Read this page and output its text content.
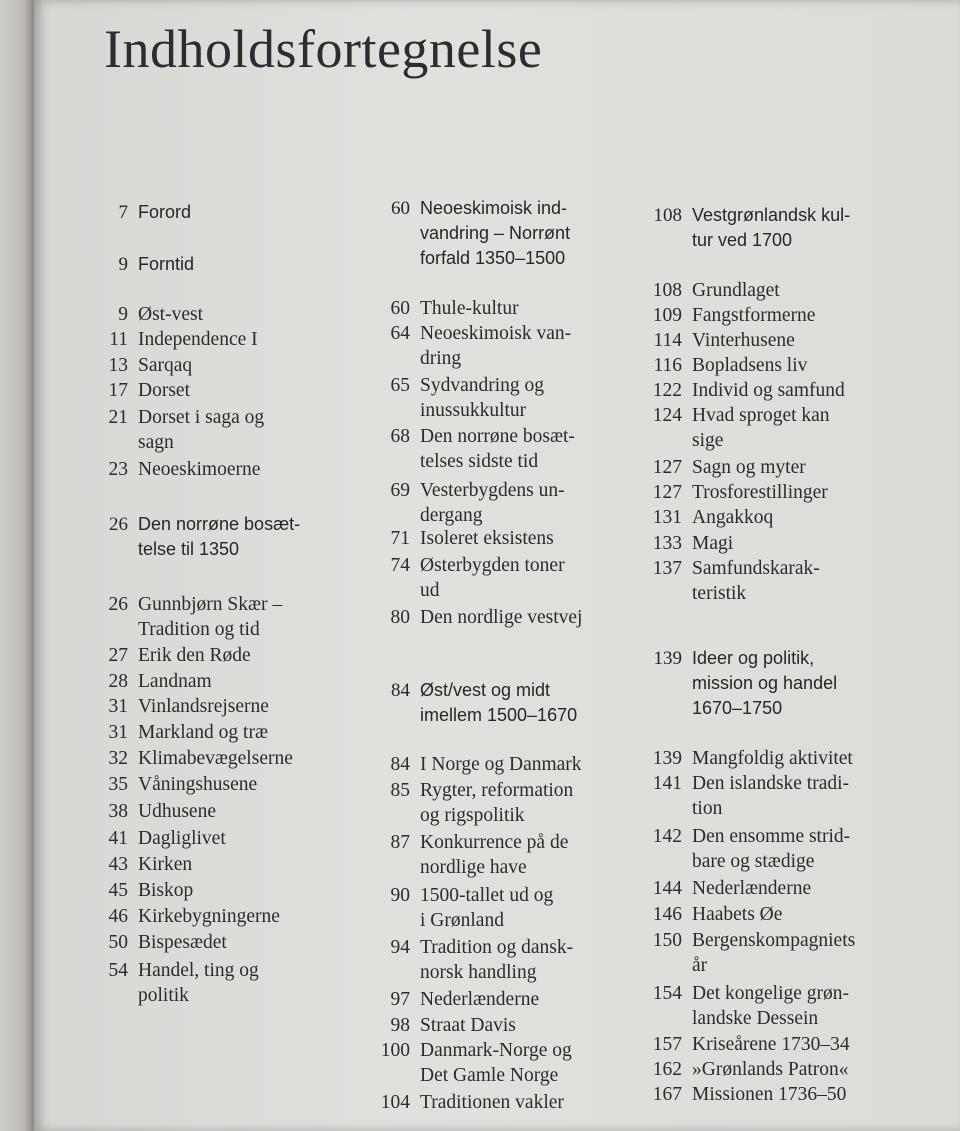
Indholdsfortegnelse
7 Forord
9 Forntid
9 Øst-vest
11 Independence I
13 Sarqaq
17 Dorset
21 Dorset i saga og
sagn
23 Neoeskimoerne
26 Den norrøne bosæt-
telse til 1350
26 Gunnbjørn Skær –
Tradition og tid
27 Erik den Røde
28 Landnam
31 Vinlandsrejserne
31 Markland og træ
32 Klimabevægelserne
35 Våningshusene
38 Udhusene
41 Dagliglivet
43 Kirken
45 Biskop
46 Kirkebygningerne
50 Bispesædet
54 Handel, ting og
politik
60 Neoeskimoisk ind-
vandring – Norrønt
forfald 1350–1500
60 Thule-kultur
64 Neoeskimoisk van-
dring
65 Sydvandring og
inussukkultur
68 Den norrøne bosæt-
telses sidste tid
69 Vesterbygdens un-
dergang
71 Isoleret eksistens
74 Østerbygden toner
ud
80 Den nordlige vestvej
84 Øst/vest og midt
imellem 1500–1670
84 I Norge og Danmark
85 Rygter, reformation
og rigspolitik
87 Konkurrence på de
nordlige have
90 1500-tallet ud og
i Grønland
94 Tradition og dansk-
norsk handling
97 Nederlænderne
98 Straat Davis
100 Danmark-Norge og
Det Gamle Norge
104 Traditionen vakler
108 Vestgrønlandsk kul-
tur ved 1700
108 Grundlaget
109 Fangstformerne
114 Vinterhusene
116 Bopladsens liv
122 Individ og samfund
124 Hvad sproget kan
sige
127 Sagn og myter
127 Trosforestillinger
131 Angakkoq
133 Magi
137 Samfundskarak-
teristik
139 Ideer og politik,
mission og handel
1670–1750
139 Mangfoldig aktivitet
141 Den islandske tradi-
tion
142 Den ensomme strid-
bare og stædige
144 Nederlænderne
146 Haabets Øe
150 Bergenskompagniets
år
154 Det kongelige grøn-
landske Dessein
157 Kriseårene 1730–34
162 »Grønlands Patron«
167 Missionen 1736–50
